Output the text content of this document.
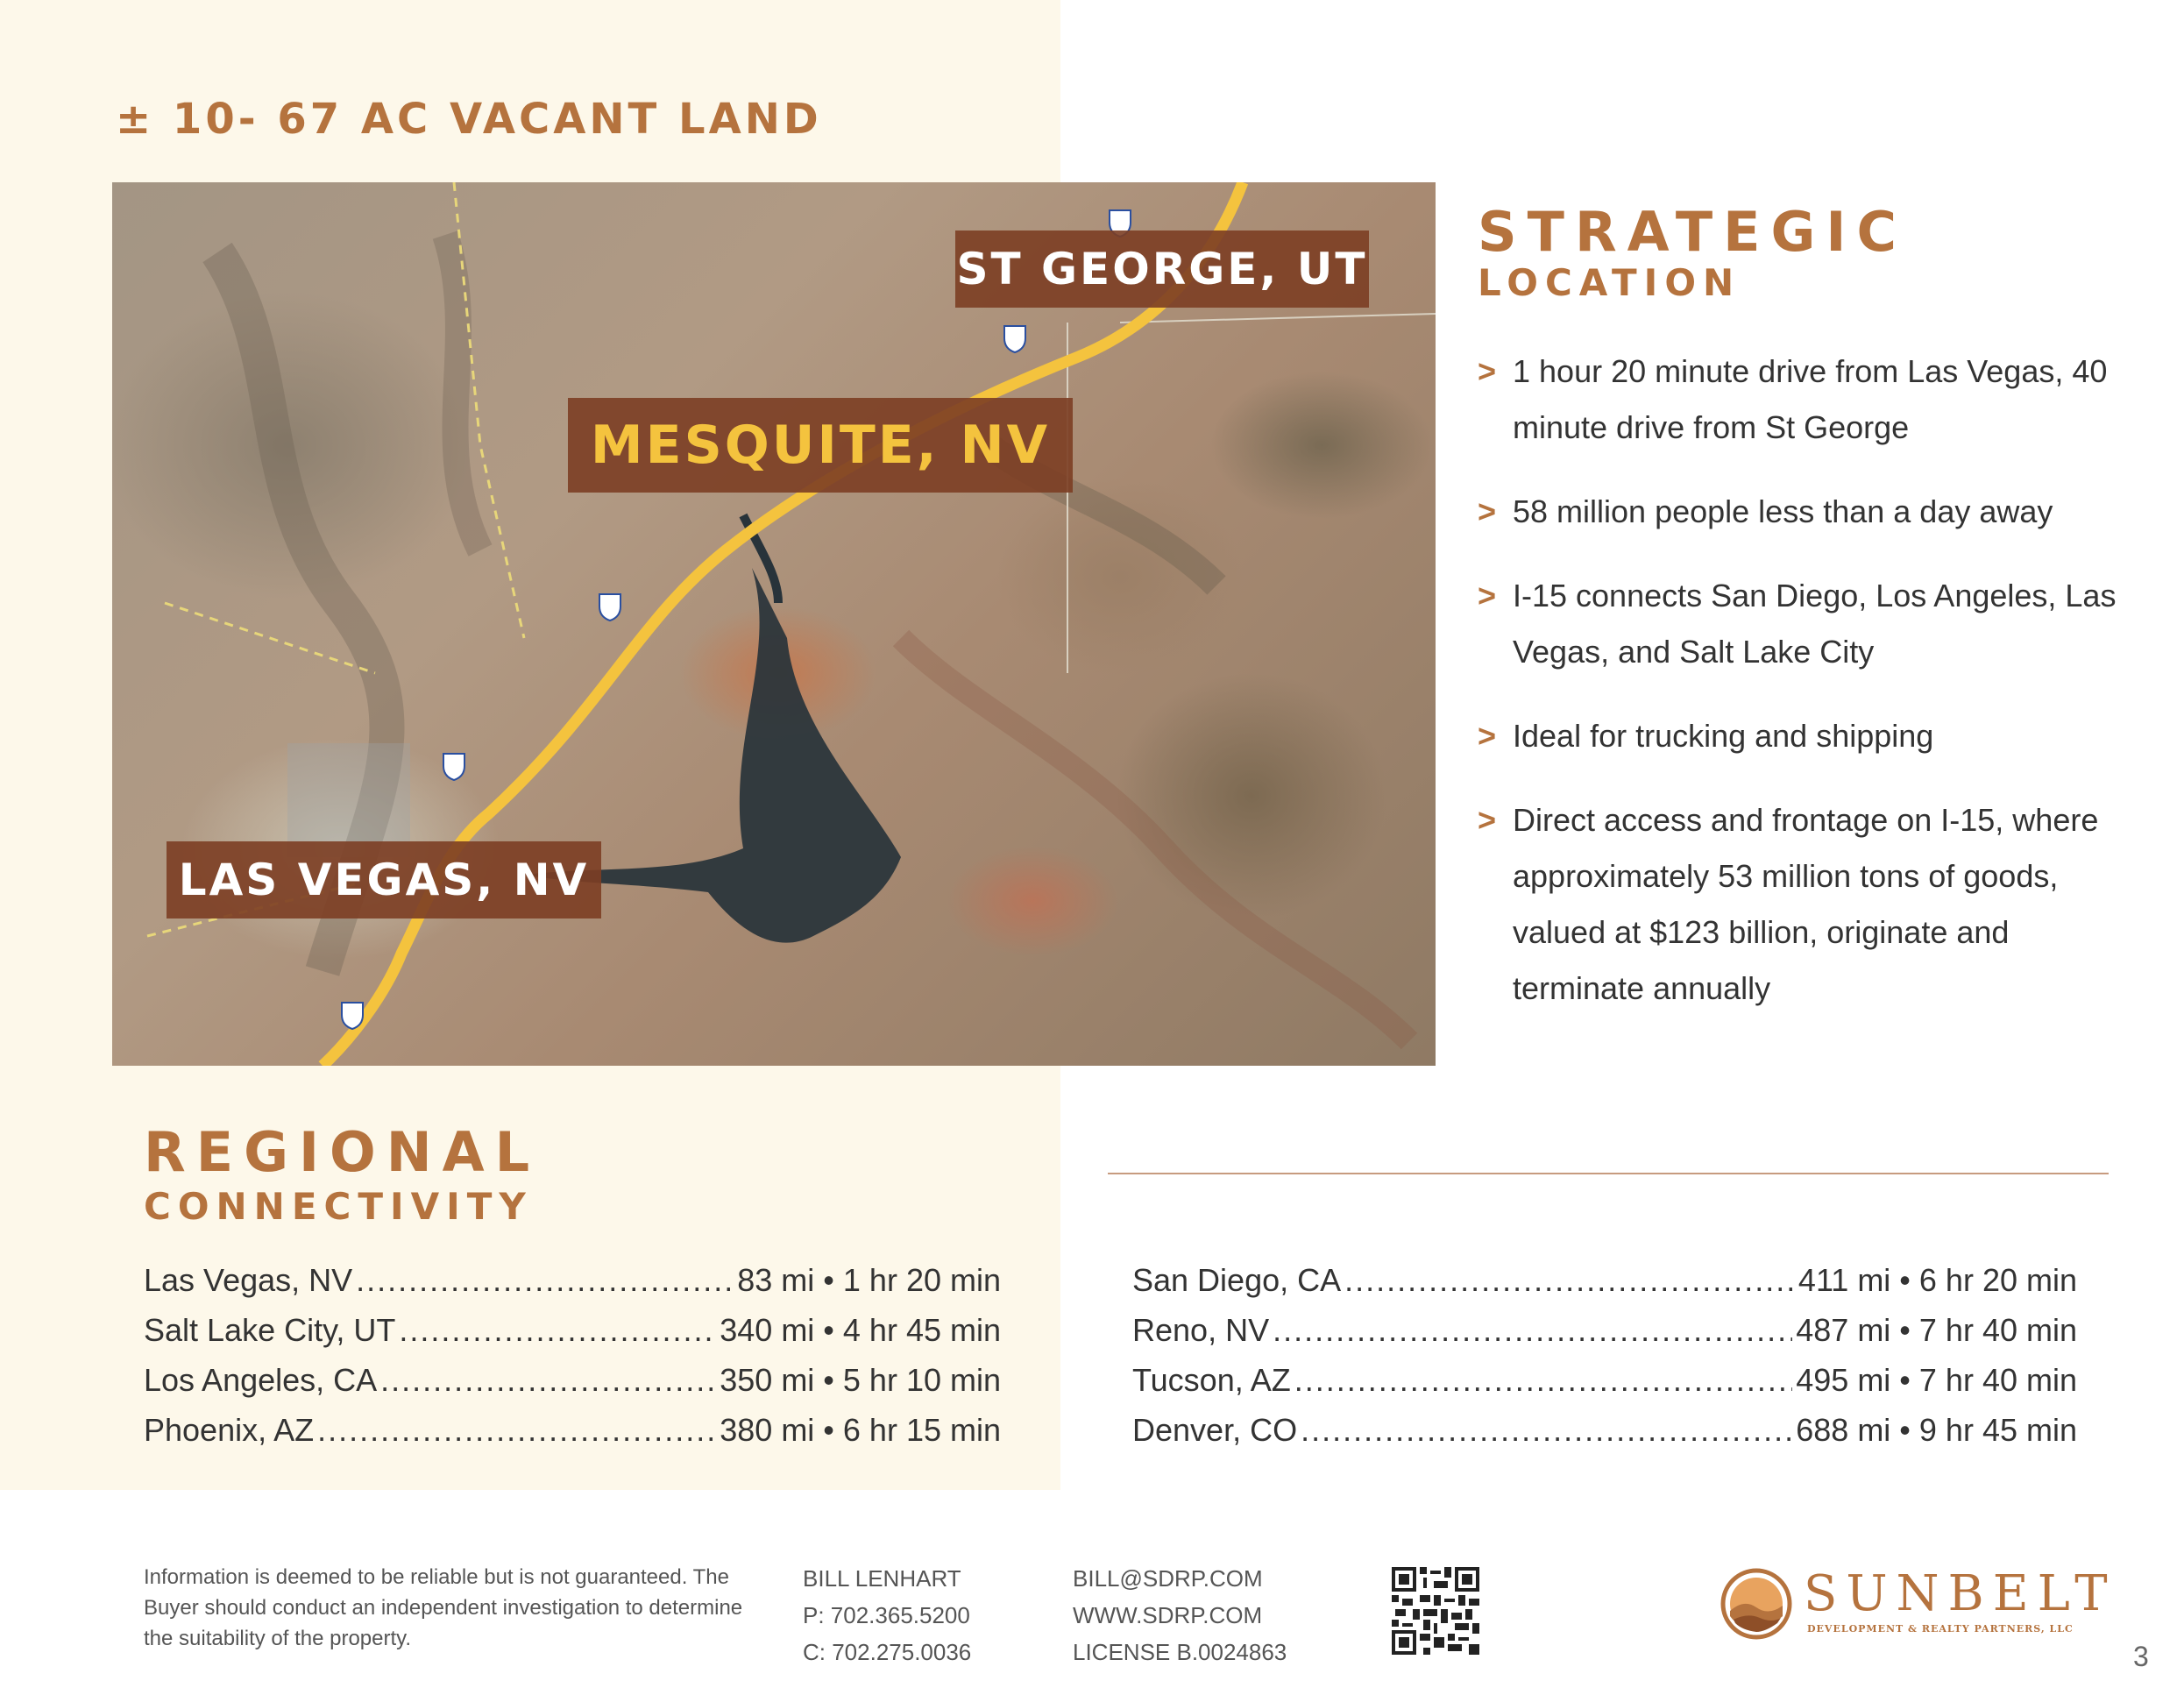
± 10- 67 AC VACANT LAND
ST GEORGE, UT
MESQUITE, NV
LAS VEGAS, NV
STRATEGIC
LOCATION
> 1 hour 20 minute drive from Las Vegas, 40 minute drive from St George
> 58 million people less than a day away
> I-15 connects San Diego, Los Angeles, Las Vegas, and Salt Lake City
> Ideal for trucking and shipping
> Direct access and frontage on I-15, where approximately 53 million tons of goods, valued at $123 billion, originate and terminate annually
REGIONAL
CONNECTIVITY
Las Vegas, NV .....	83 mi • 1 hr 20 min
Salt Lake City, UT .....	340 mi • 4 hr 45 min
Los Angeles, CA .....	350 mi • 5 hr 10 min
Phoenix, AZ .....	380 mi • 6 hr 15 min
San Diego, CA .....	411 mi • 6 hr 20 min
Reno, NV .....	487 mi • 7 hr 40 min
Tucson, AZ .....	495 mi • 7 hr 40 min
Denver, CO .....	688 mi • 9 hr 45 min
Information is deemed to be reliable but is not guaranteed. The Buyer should conduct an independent investigation to determine the suitability of the property.
BILL LENHART
P: 702.365.5200
C: 702.275.0036
BILL@SDRP.COM
WWW.SDRP.COM
LICENSE B.0024863
SUNBELT
DEVELOPMENT & REALTY PARTNERS, LLC
3
